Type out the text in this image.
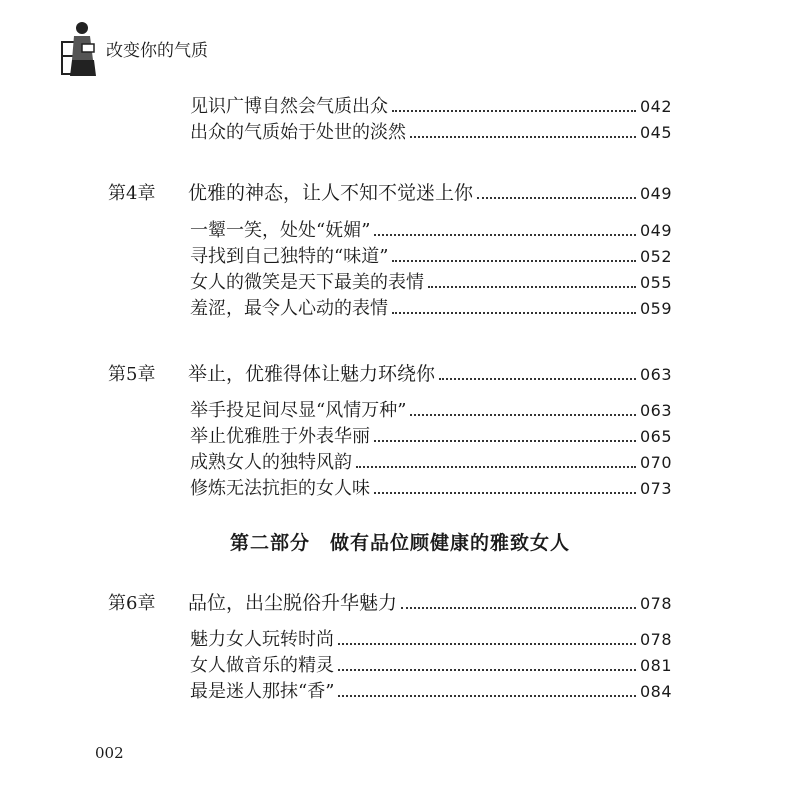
改变你的气质
见识广博自然会气质出众	042
出众的气质始于处世的淡然	045
第4章 优雅的神态，让人不知不觉迷上你	049
一颦一笑，处处“妩媚”	049
寻找到自己独特的“味道”	052
女人的微笑是天下最美的表情	055
羞涩，最令人心动的表情	059
第5章 举止，优雅得体让魅力环绕你	063
举手投足间尽显“风情万种”	063
举止优雅胜于外表华丽	065
成熟女人的独特风韵	070
修炼无法抗拒的女人味	073
第二部分　做有品位顾健康的雅致女人
第6章 品位，出尘脱俗升华魅力	078
魅力女人玩转时尚	078
女人做音乐的精灵	081
最是迷人那抹“香”	084
002
